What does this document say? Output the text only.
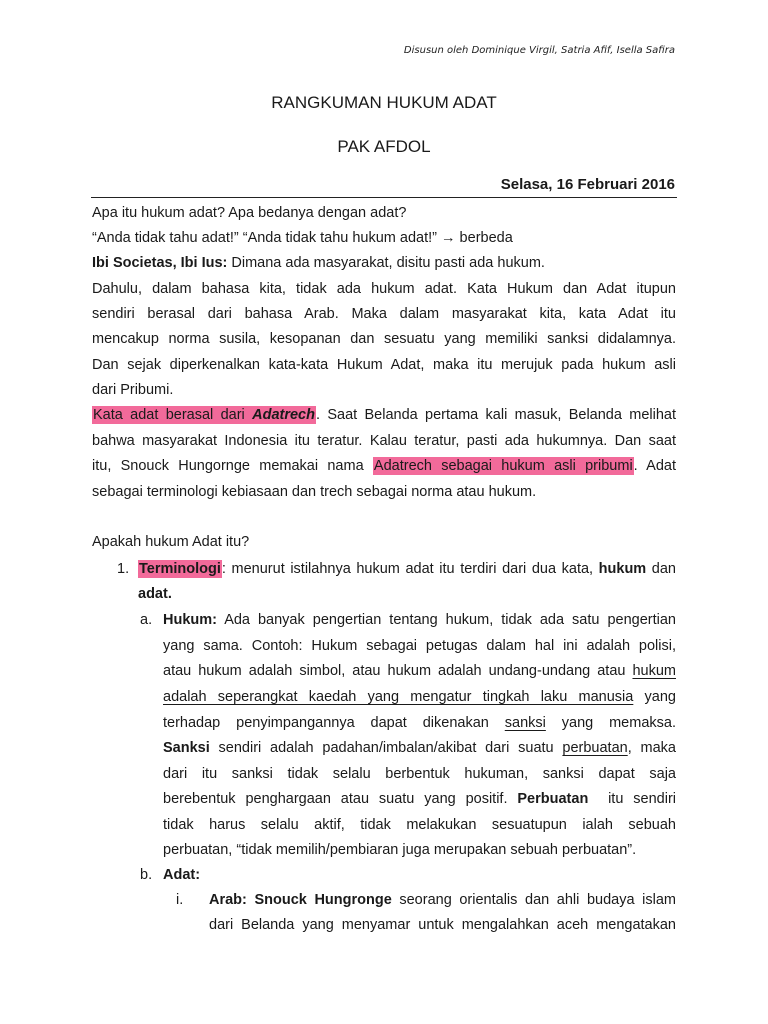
Disusun oleh Dominique Virgil, Satria Afif, Isella Safira

RANGKUMAN HUKUM ADAT

PAK AFDOL

Selasa, 16 Februari 2016

Apa itu hukum adat? Apa bedanya dengan adat?

“Anda tidak tahu adat!” “Anda tidak tahu hukum adat!” → berbeda

Ibi Societas, Ibi Ius: Dimana ada masyarakat, disitu pasti ada hukum.

Dahulu, dalam bahasa kita, tidak ada hukum adat. Kata Hukum dan Adat itupun

sendiri berasal dari bahasa Arab. Maka dalam masyarakat kita, kata Adat itu

mencakup norma susila, kesopanan dan sesuatu yang memiliki sanksi didalamnya.

Dan sejak diperkenalkan kata-kata Hukum Adat, maka itu merujuk pada hukum asli

dari Pribumi.

Kata adat berasal dari Adatrech. Saat Belanda pertama kali masuk, Belanda melihat

bahwa masyarakat Indonesia itu teratur. Kalau teratur, pasti ada hukumnya. Dan saat

itu, Snouck Hungornge memakai nama Adatrech sebagai hukum asli pribumi. Adat

sebagai terminologi kebiasaan dan trech sebagai norma atau hukum.

Apakah hukum Adat itu?

1. Terminologi: menurut istilahnya hukum adat itu terdiri dari dua kata, hukum dan

adat.

a. Hukum: Ada banyak pengertian tentang hukum, tidak ada satu pengertian

yang sama. Contoh: Hukum sebagai petugas dalam hal ini adalah polisi,

atau hukum adalah simbol, atau hukum adalah undang-undang atau hukum

adalah seperangkat kaedah yang mengatur tingkah laku manusia yang

terhadap penyimpangannya dapat dikenakan sanksi yang memaksa.

Sanksi sendiri adalah padahan/imbalan/akibat dari suatu perbuatan, maka

dari itu sanksi tidak selalu berbentuk hukuman, sanksi dapat saja

berebentuk penghargaan atau suatu yang positif. Perbuatan  itu sendiri

tidak harus selalu aktif, tidak melakukan sesuatupun ialah sebuah

perbuatan, “tidak memilih/pembiaran juga merupakan sebuah perbuatan”.

b. Adat:

i. Arab: Snouck Hungronge seorang orientalis dan ahli budaya islam

dari Belanda yang menyamar untuk mengalahkan aceh mengatakan
